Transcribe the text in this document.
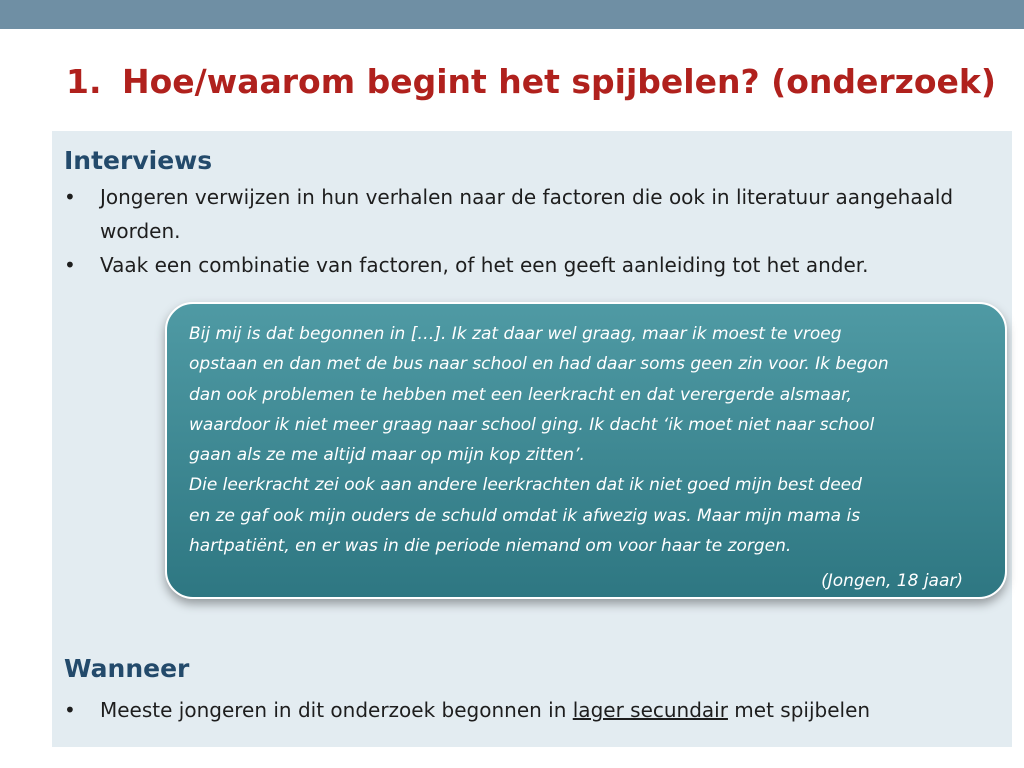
1. Hoe/waarom begint het spijbelen? (onderzoek)
Interviews
• Jongeren verwijzen in hun verhalen naar de factoren die ook in literatuur aangehaald worden.
• Vaak een combinatie van factoren, of het een geeft aanleiding tot het ander.
Bij mij is dat begonnen in […]. Ik zat daar wel graag, maar ik moest te vroeg
opstaan en dan met de bus naar school en had daar soms geen zin voor. Ik begon
dan ook problemen te hebben met een leerkracht en dat verergerde alsmaar,
waardoor ik niet meer graag naar school ging. Ik dacht ‘ik moet niet naar school
gaan als ze me altijd maar op mijn kop zitten’.
Die leerkracht zei ook aan andere leerkrachten dat ik niet goed mijn best deed
en ze gaf ook mijn ouders de schuld omdat ik afwezig was. Maar mijn mama is
hartpatiënt, en er was in die periode niemand om voor haar te zorgen.
(Jongen, 18 jaar)
Wanneer
• Meeste jongeren in dit onderzoek begonnen in lager secundair met spijbelen
